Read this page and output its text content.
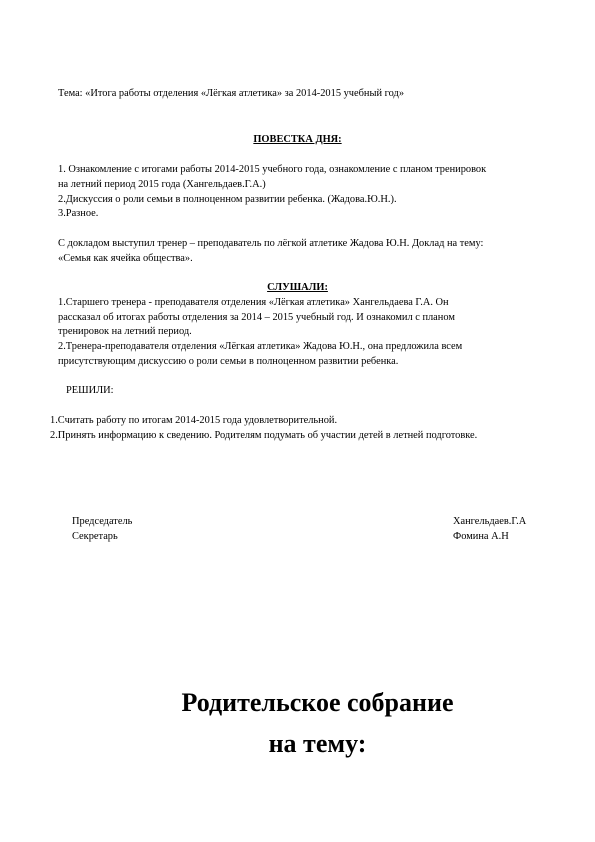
Тема: «Итога работы отделения «Лёгкая атлетика» за 2014-2015 учебный год»
ПОВЕСТКА ДНЯ:
1. Ознакомление с итогами работы 2014-2015 учебного года, ознакомление с планом тренировок
на летний период 2015 года (Хангельдаев.Г.А.)
2.Дискуссия о роли семьи в полноценном развитии ребенка. (Жадова.Ю.Н.).
3.Разное.
С докладом выступил тренер – преподаватель по лёгкой атлетике Жадова Ю.Н. Доклад на тему:
«Семья как ячейка общества».
СЛУШАЛИ:
1.Старшего тренера - преподавателя отделения «Лёгкая атлетика» Хангельдаева Г.А. Он
рассказал об итогах работы отделения за 2014 – 2015 учебный год. И ознакомил с планом
тренировок на летний период.
2.Тренера-преподавателя отделения «Лёгкая атлетика» Жадова Ю.Н., она предложила всем
присутствующим дискуссию о роли семьи в полноценном развитии ребенка.
РЕШИЛИ:
1.Считать работу по итогам 2014-2015 года удовлетворительной.
2.Принять информацию к сведению. Родителям подумать об участии детей в летней подготовке.
Председатель	Хангельдаев.Г.А
Секретарь	Фомина А.Н
Родительское собрание
на тему:
